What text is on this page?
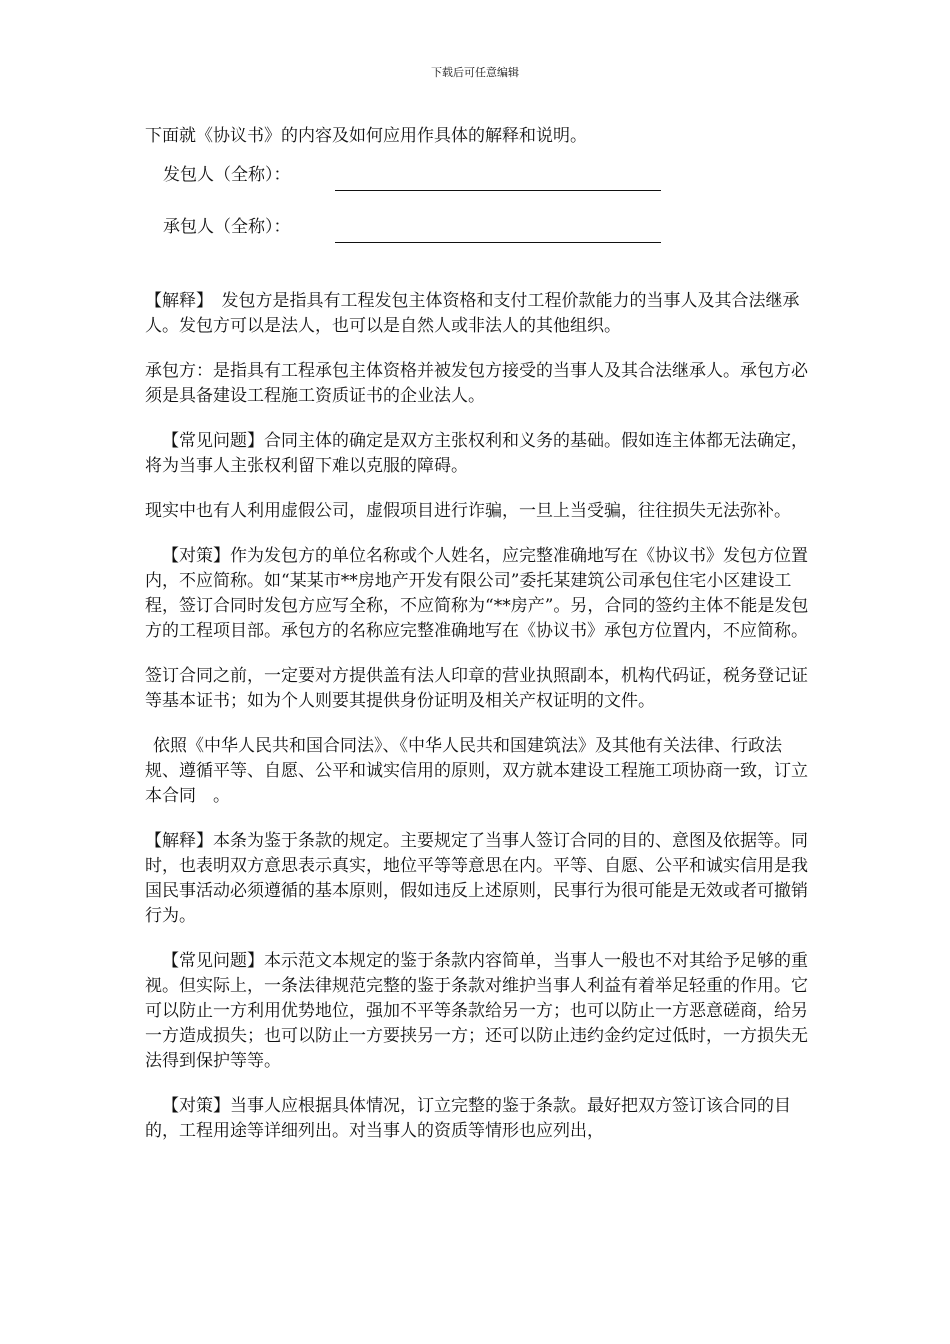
下载后可任意编辑

下面就《协议书》的内容及如何应用作具体的解释和说明。

发包人（全称）：
承包人（全称）：

【解释】　发包方是指具有工程发包主体资格和支付工程价款能力的当事人及其合法继承人。发包方可以是法人，也可以是自然人或非法人的其他组织。

承包方：是指具有工程承包主体资格并被发包方接受的当事人及其合法继承人。承包方必须是具备建设工程施工资质证书的企业法人。

【常见问题】合同主体的确定是双方主张权利和义务的基础。假如连主体都无法确定，将为当事人主张权利留下难以克服的障碍。

现实中也有人利用虚假公司，虚假项目进行诈骗，一旦上当受骗，往往损失无法弥补。

【对策】作为发包方的单位名称或个人姓名，应完整准确地写在《协议书》发包方位置内，不应简称。如“某某市**房地产开发有限公司”委托某建筑公司承包住宅小区建设工程，签订合同时发包方应写全称，不应简称为“**房产”。另，合同的签约主体不能是发包方的工程项目部。承包方的名称应完整准确地写在《协议书》承包方位置内，不应简称。

签订合同之前，一定要对方提供盖有法人印章的营业执照副本，机构代码证，税务登记证等基本证书；如为个人则要其提供身份证明及相关产权证明的文件。

依照《中华人民共和国合同法》、《中华人民共和国建筑法》及其他有关法律、行政法规、遵循平等、自愿、公平和诚实信用的原则，双方就本建设工程施工项协商一致，订立本合同　。

【解释】本条为鉴于条款的规定。主要规定了当事人签订合同的目的、意图及依据等。同时，也表明双方意思表示真实，地位平等等意思在内。平等、自愿、公平和诚实信用是我国民事活动必须遵循的基本原则，假如违反上述原则，民事行为很可能是无效或者可撤销行为。

【常见问题】本示范文本规定的鉴于条款内容简单，当事人一般也不对其给予足够的重视。但实际上，一条法律规范完整的鉴于条款对维护当事人利益有着举足轻重的作用。它可以防止一方利用优势地位，强加不平等条款给另一方；也可以防止一方恶意磋商，给另一方造成损失；也可以防止一方要挟另一方；还可以防止违约金约定过低时，一方损失无法得到保护等等。

【对策】当事人应根据具体情况，订立完整的鉴于条款。最好把双方签订该合同的目的，工程用途等详细列出。对当事人的资质等情形也应列出，
